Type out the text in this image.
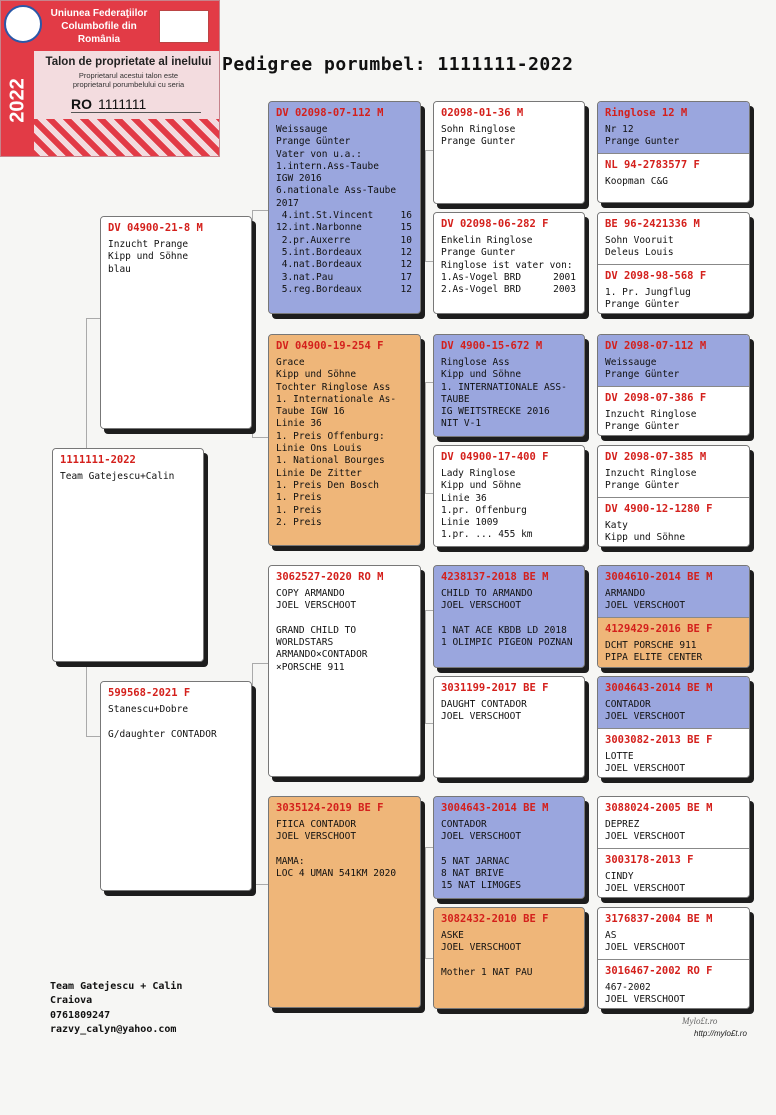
Uniunea Federaţiilor
Columbofile din România
2022
Talon de proprietate al inelului
Proprietarul acestui talon este
proprietarul porumbelului cu seria
RO 1111111
Pedigree porumbel: 1111111-2022
1111111-2022
Team Gatejescu+Calin
DV 04900-21-8 M
Inzucht Prange
Kipp und Söhne
blau
599568-2021 F
Stanescu+Dobre
G/daughter CONTADOR
DV 02098-07-112 M
Weissauge
Prange Günter
Vater von u.a.:
1.intern.Ass-Taube
IGW 2016
6.nationale Ass-Taube
2017
4.int.St.Vincent	16
12.int.Narbonne	15
2.pr.Auxerre	10
5.int.Bordeaux	12
4.nat.Bordeaux	12
3.nat.Pau	17
5.reg.Bordeaux	12
DV 04900-19-254 F
Grace
Kipp und Söhne
Tochter Ringlose Ass
1. Internationale As-
Taube IGW 16
Linie 36
1. Preis Offenburg:
Linie Ons Louis
1. National Bourges
Linie De Zitter
1. Preis Den Bosch
1. Preis
1. Preis
2. Preis
3062527-2020 RO M
COPY ARMANDO
JOEL VERSCHOOT
GRAND CHILD TO
WORLDSTARS
ARMANDO×CONTADOR
×PORSCHE 911
3035124-2019 BE F
FIICA CONTADOR
JOEL VERSCHOOT
MAMA:
LOC 4 UMAN 541KM 2020
02098-01-36 M
Sohn Ringlose
Prange Gunter
DV 02098-06-282 F
Enkelin Ringlose
Prange Gunter
Ringlose ist vater von:
1.As-Vogel BRD	2001
2.As-Vogel BRD	2003
DV 4900-15-672 M
Ringlose Ass
Kipp und Söhne
1. INTERNATIONALE ASS-
TAUBE
IG WEITSTRECKE 2016
NIT V-1
DV 04900-17-400 F
Lady Ringlose
Kipp und Söhne
Linie 36
1.pr. Offenburg
Linie 1009
1.pr. ... 455 km
4238137-2018 BE M
CHILD TO ARMANDO
JOEL VERSCHOOT
1 NAT ACE KBDB LD 2018
1 OLIMPIC PIGEON POZNAN
3031199-2017 BE F
DAUGHT CONTADOR
JOEL VERSCHOOT
3004643-2014 BE M
CONTADOR
JOEL VERSCHOOT
5 NAT JARNAC
8 NAT BRIVE
15 NAT LIMOGES
3082432-2010 BE F
ASKE
JOEL VERSCHOOT
Mother 1 NAT PAU
Ringlose 12 M
Nr 12
Prange Gunter
NL 94-2783577 F
Koopman C&G
BE 96-2421336 M
Sohn Vooruit
Deleus Louis
DV 2098-98-568 F
1. Pr. Jungflug
Prange Günter
DV 2098-07-112 M
Weissauge
Prange Günter
DV 2098-07-386 F
Inzucht Ringlose
Prange Günter
DV 2098-07-385 M
Inzucht Ringlose
Prange Günter
DV 4900-12-1280 F
Katy
Kipp und Söhne
3004610-2014 BE M
ARMANDO
JOEL VERSCHOOT
4129429-2016 BE F
DCHT PORSCHE 911
PIPA ELITE CENTER
3004643-2014 BE M
CONTADOR
JOEL VERSCHOOT
3003082-2013 BE F
LOTTE
JOEL VERSCHOOT
3088024-2005 BE M
DEPREZ
JOEL VERSCHOOT
3003178-2013 F
CINDY
JOEL VERSCHOOT
3176837-2004 BE M
AS
JOEL VERSCHOOT
3016467-2002 RO F
467-2002
JOEL VERSCHOOT
Team Gatejescu + Calin
Craiova
0761809247
razvy_calyn@yahoo.com
Mylo£t.ro
http://mylo£t.ro
